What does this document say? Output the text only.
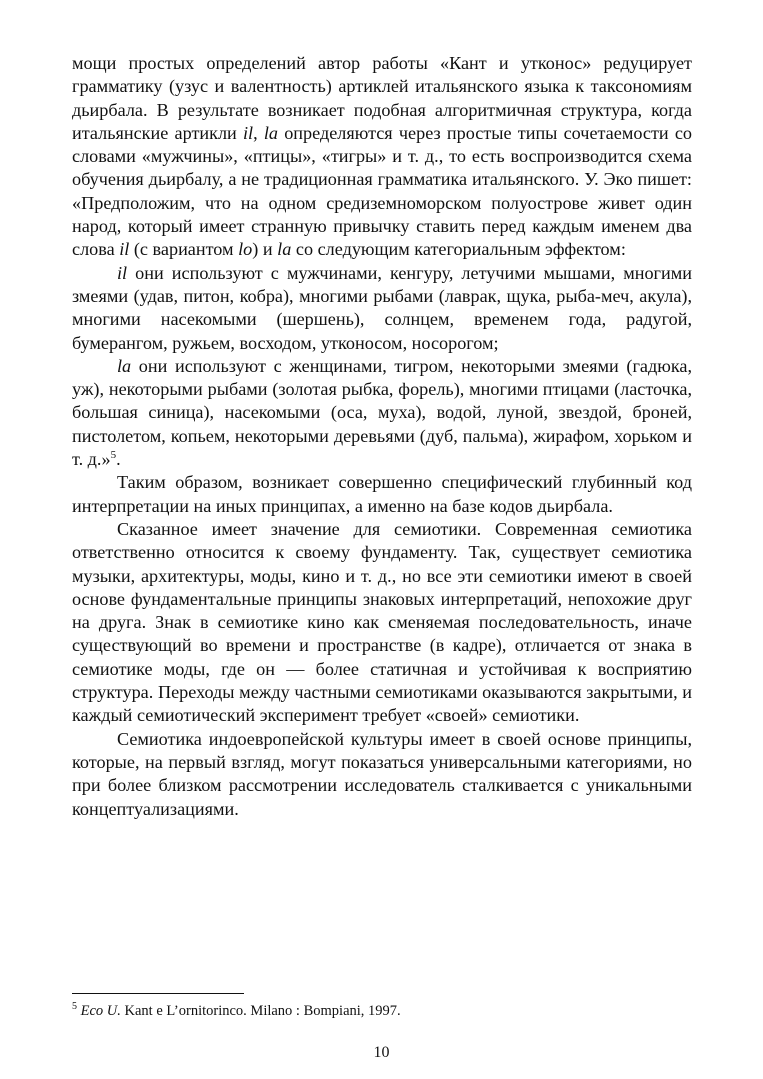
мощи простых определений автор работы «Кант и утконос» редуцирует грамматику (узус и валентность) артиклей итальянского языка к таксономиям дьирбала. В результате возникает подобная алгоритмичная структура, когда итальянские артикли il, la определяются через простые типы сочетаемости со словами «мужчины», «птицы», «тигры» и т. д., то есть воспроизводится схема обучения дьирбалу, а не традиционная грамматика итальянского. У. Эко пишет: «Предположим, что на одном средиземноморском полуострове живет один народ, который имеет странную привычку ставить перед каждым именем два слова il (с вариантом lo) и la со следующим категориальным эффектом:

il они используют с мужчинами, кенгуру, летучими мышами, многими змеями (удав, питон, кобра), многими рыбами (лаврак, щука, рыба-меч, акула), многими насекомыми (шершень), солнцем, временем года, радугой, бумерангом, ружьем, восходом, утконосом, носорогом;

la они используют с женщинами, тигром, некоторыми змеями (гадюка, уж), некоторыми рыбами (золотая рыбка, форель), многими птицами (ласточка, большая синица), насекомыми (оса, муха), водой, луной, звездой, броней, пистолетом, копьем, некоторыми деревьями (дуб, пальма), жирафом, хорьком и т. д.»$^5$.

Таким образом, возникает совершенно специфический глубинный код интерпретации на иных принципах, а именно на базе кодов дьирбала.

Сказанное имеет значение для семиотики. Современная семиотика ответственно относится к своему фундаменту. Так, существует семиотика музыки, архитектуры, моды, кино и т. д., но все эти семиотики имеют в своей основе фундаментальные принципы знаковых интерпретаций, непохожие друг на друга. Знак в семиотике кино как сменяемая последовательность, иначе существующий во времени и пространстве (в кадре), отличается от знака в семиотике моды, где он — более статичная и устойчивая к восприятию структура. Переходы между частными семиотиками оказываются закрытыми, и каждый семиотический эксперимент требует «своей» семиотики.

Семиотика индоевропейской культуры имеет в своей основе принципы, которые, на первый взгляд, могут показаться универсальными категориями, но при более близком рассмотрении исследователь сталкивается с уникальными концептуализациями.

$^5$ Eco U. Kant e L’ornitorinco. Milano : Bompiani, 1997.
10
